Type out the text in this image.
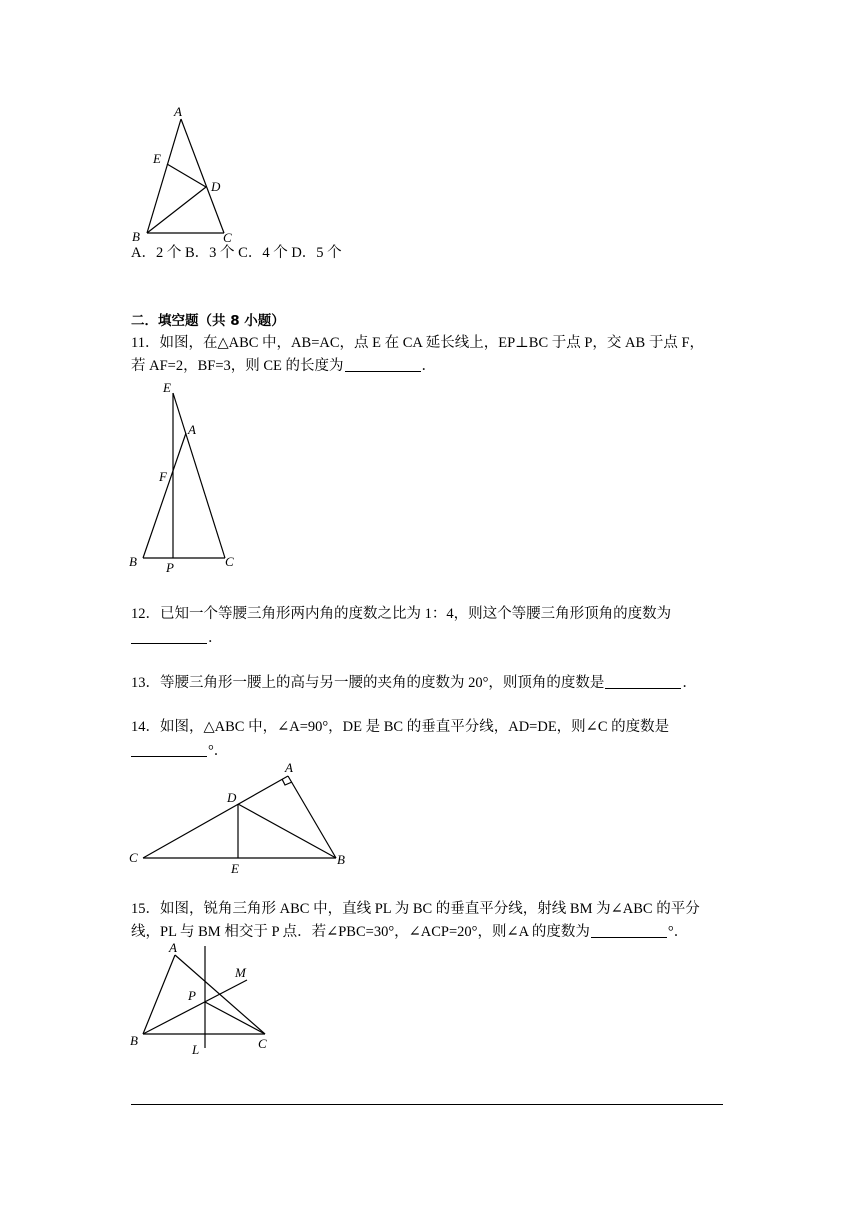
A
E
D
B	C
A．2 个 B．3 个 C．4 个 D．5 个
二．填空题（共 8 小题）
11．如图，在△ABC 中，AB=AC，点 E 在 CA 延长线上，EP⊥BC 于点 P，交 AB 于点 F，
若 AF=2，BF=3，则 CE 的长度为	．
E
A
F
B P	C
12．已知一个等腰三角形两内角的度数之比为 1：4，则这个等腰三角形顶角的度数为
．
13．等腰三角形一腰上的高与另一腰的夹角的度数为 20°，则顶角的度数是	．
14．如图，△ABC 中，∠A=90°，DE 是 BC 的垂直平分线，AD=DE，则∠C 的度数是
°．
A
D
C
E
B
15．如图，锐角三角形 ABC 中，直线 PL 为 BC 的垂直平分线，射线 BM 为∠ABC 的平分
线，PL 与 BM 相交于 P 点．若∠PBC=30°，∠ACP=20°，则∠A 的度数为	°．
A
M
P
B
L	C
